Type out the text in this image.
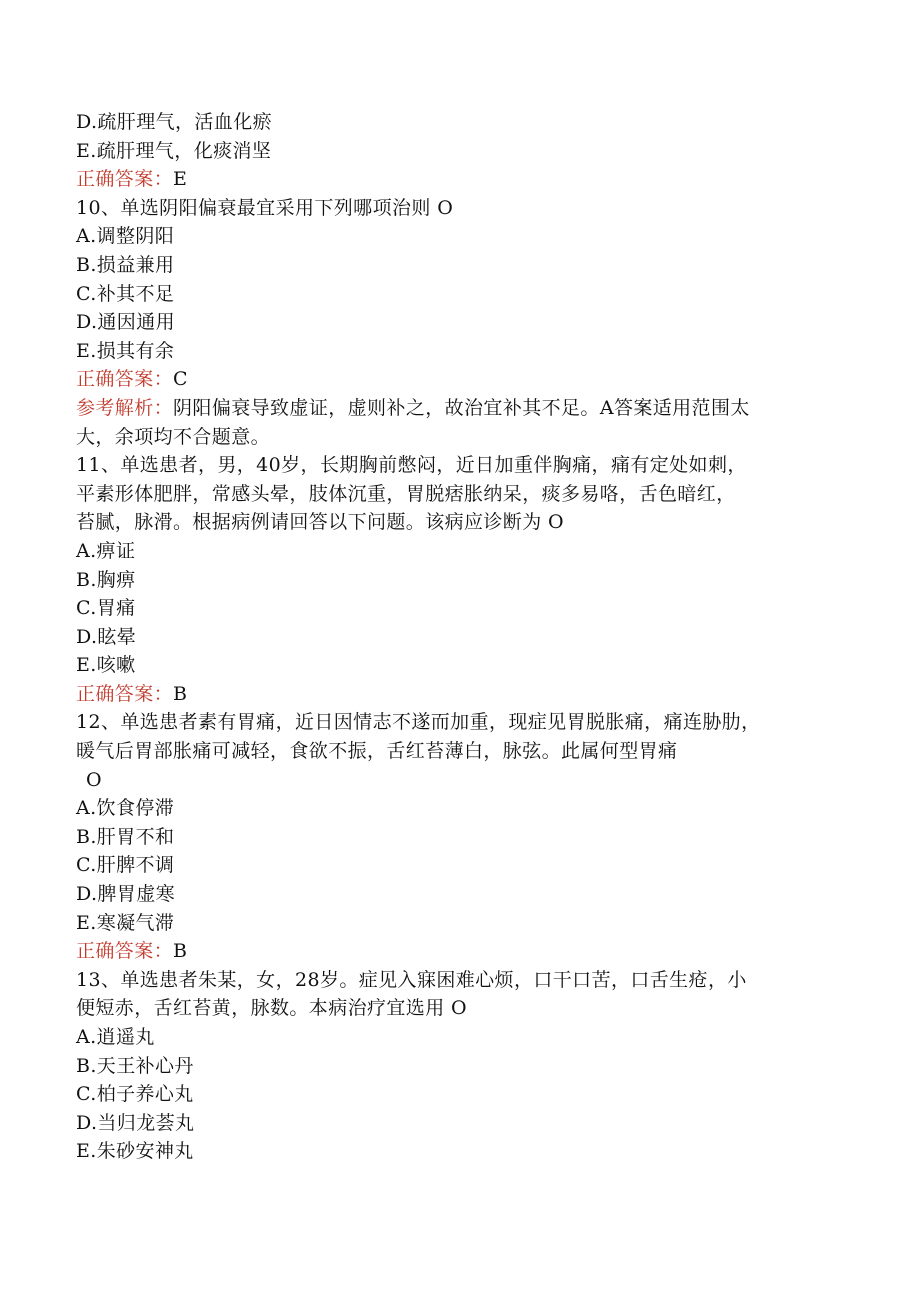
D.疏肝理气，活血化瘀
E.疏肝理气，化痰消坚
正确答案：E
10、单选阴阳偏衰最宜采用下列哪项治则 O
A.调整阴阳
B.损益兼用
C.补其不足
D.通因通用
E.损其有余
正确答案：C
参考解析：阴阳偏衰导致虚证，虚则补之，故治宜补其不足。A答案适用范围太
大，余项均不合题意。
11、单选患者，男，40岁，长期胸前憋闷，近日加重伴胸痛，痛有定处如刺，
平素形体肥胖，常感头晕，肢体沉重，胃脱痞胀纳呆，痰多易咯，舌色暗红，
苔腻，脉滑。根据病例请回答以下问题。该病应诊断为 O
A.痹证
B.胸痹
C.胃痛
D.眩晕
E.咳嗽
正确答案：B
12、单选患者素有胃痛，近日因情志不遂而加重，现症见胃脱胀痛，痛连胁肋，
暖气后胃部胀痛可减轻，食欲不振，舌红苔薄白，脉弦。此属何型胃痛
O
A.饮食停滞
B.肝胃不和
C.肝脾不调
D.脾胃虚寒
E.寒凝气滞
正确答案：B
13、单选患者朱某，女，28岁。症见入寐困难心烦，口干口苦，口舌生疮，小
便短赤，舌红苔黄，脉数。本病治疗宜选用 O
A.逍遥丸
B.天王补心丹
C.柏子养心丸
D.当归龙荟丸
E.朱砂安神丸
